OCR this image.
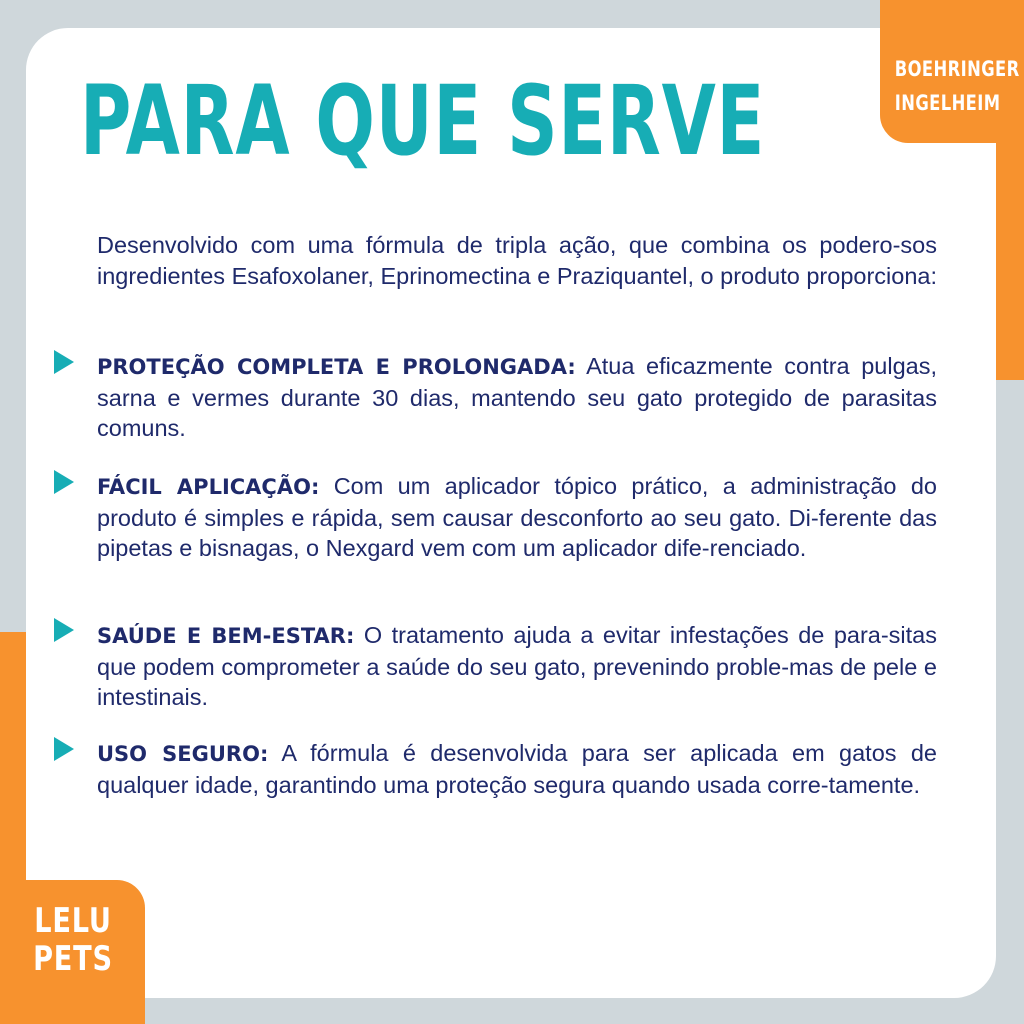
BOEHRINGER
INGELHEIM
LELU
PETS
PARA QUE SERVE

Desenvolvido com uma fórmula de tripla ação, que combina os podero-sos ingredientes Esafoxolaner, Eprinomectina e Praziquantel, o produto proporciona:

PROTEÇÃO COMPLETA E PROLONGADA: Atua eficazmente contra pulgas, sarna e vermes durante 30 dias, mantendo seu gato protegido de parasitas comuns.

FÁCIL APLICAÇÃO: Com um aplicador tópico prático, a administração do produto é simples e rápida, sem causar desconforto ao seu gato. Di-ferente das pipetas e bisnagas, o Nexgard vem com um aplicador dife-renciado.

SAÚDE E BEM-ESTAR: O tratamento ajuda a evitar infestações de para-sitas que podem comprometer a saúde do seu gato, prevenindo proble-mas de pele e intestinais.

USO SEGURO: A fórmula é desenvolvida para ser aplicada em gatos de qualquer idade, garantindo uma proteção segura quando usada corre-tamente.
